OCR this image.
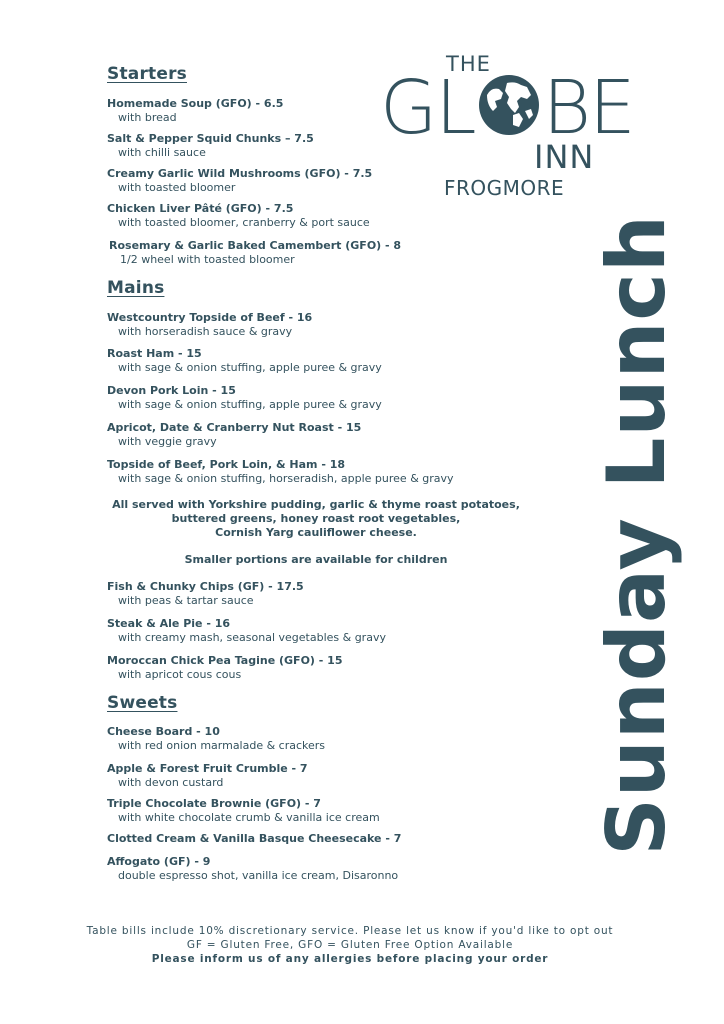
THE
GL BE
INN
FROGMORE
Sunday Lunch
Starters
Homemade Soup (GFO) - 6.5
with bread
Salt & Pepper Squid Chunks – 7.5
with chilli sauce
Creamy Garlic Wild Mushrooms (GFO) - 7.5
with toasted bloomer
Chicken Liver Pâté (GFO) - 7.5
with toasted bloomer, cranberry & port sauce
Rosemary & Garlic Baked Camembert (GFO) - 8
1/2 wheel with toasted bloomer
Mains
Westcountry Topside of Beef - 16
with horseradish sauce & gravy
Roast Ham - 15
with sage & onion stuffing, apple puree & gravy
Devon Pork Loin - 15
with sage & onion stuffing, apple puree & gravy
Apricot, Date & Cranberry Nut Roast - 15
with veggie gravy
Topside of Beef, Pork Loin, & Ham - 18
with sage & onion stuffing, horseradish, apple puree & gravy
All served with Yorkshire pudding, garlic & thyme roast potatoes,
buttered greens, honey roast root vegetables,
Cornish Yarg cauliflower cheese.
Smaller portions are available for children
Fish & Chunky Chips (GF) - 17.5
with peas & tartar sauce
Steak & Ale Pie - 16
with creamy mash, seasonal vegetables & gravy
Moroccan Chick Pea Tagine (GFO) - 15
with apricot cous cous
Sweets
Cheese Board - 10
with red onion marmalade & crackers
Apple & Forest Fruit Crumble - 7
with devon custard
Triple Chocolate Brownie (GFO) - 7
with white chocolate crumb & vanilla ice cream
Clotted Cream & Vanilla Basque Cheesecake - 7
Affogato (GF) - 9
double espresso shot, vanilla ice cream, Disaronno
Table bills include 10% discretionary service. Please let us know if you'd like to opt out
GF = Gluten Free, GFO = Gluten Free Option Available
Please inform us of any allergies before placing your order
